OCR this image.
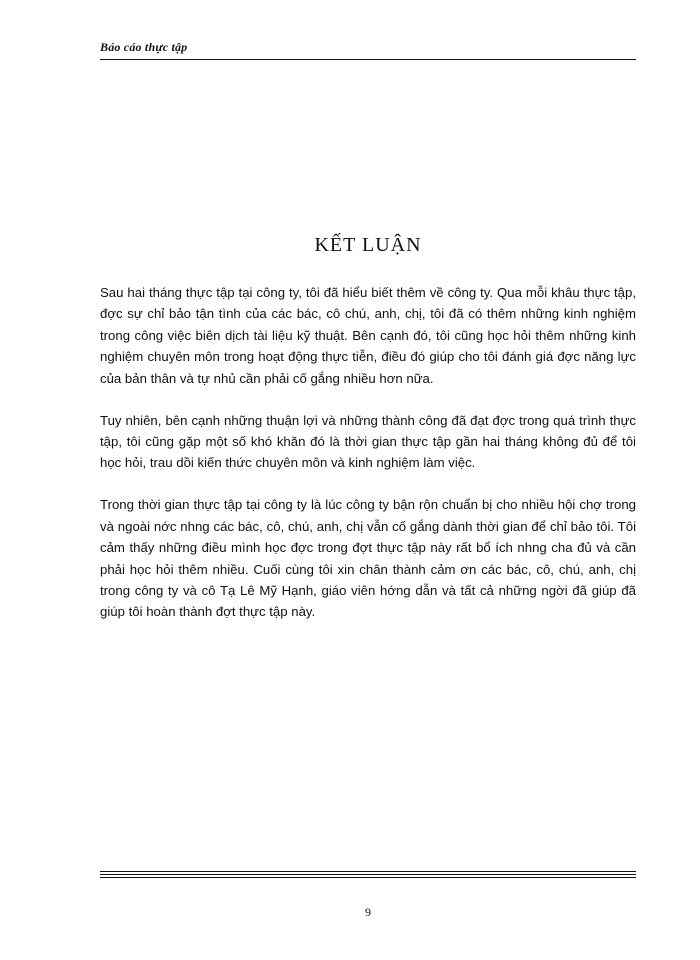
Báo cáo thực tập
KẾT LUẬN

Sau hai tháng thực tập tại công ty, tôi đã hiểu biết thêm về công ty. Qua mỗi khâu thực tập, đợc sự chỉ bảo tận tình của các bác, cô chú, anh, chị, tôi đã có thêm những kinh nghiệm trong công việc biên dịch tài liệu kỹ thuật. Bên cạnh đó, tôi cũng học hỏi thêm những kinh nghiệm chuyên môn trong hoạt động thực tiễn, điều đó giúp cho tôi đánh giá đợc năng lực của bản thân và tự nhủ cần phải cố gắng nhiều hơn nữa.

Tuy nhiên, bên cạnh những thuận lợi và những thành công đã đạt đợc trong quá trình thực tập, tôi cũng gặp một số khó khăn đó là thời gian thực tập gần hai tháng không đủ để tôi học hỏi, trau dồi kiến thức chuyên môn và kinh nghiệm làm việc.

Trong thời gian thực tập tại công ty là lúc công ty bận rộn chuẩn bị cho nhiều hội chợ trong và ngoài nớc nhng các bác, cô, chú, anh, chị vẫn cố gắng dành thời gian để chỉ bảo tôi. Tôi cảm thấy những điều mình học đợc trong đợt thực tập này rất bổ ích nhng cha đủ và cần phải học hỏi thêm nhiều. Cuối cùng tôi xin chân thành cảm ơn các bác, cô, chú, anh, chị trong công ty và cô Tạ Lê Mỹ Hạnh, giáo viên hớng dẫn và tất cả những ngời đã giúp đã giúp tôi hoàn thành đợt thực tập này.

9
